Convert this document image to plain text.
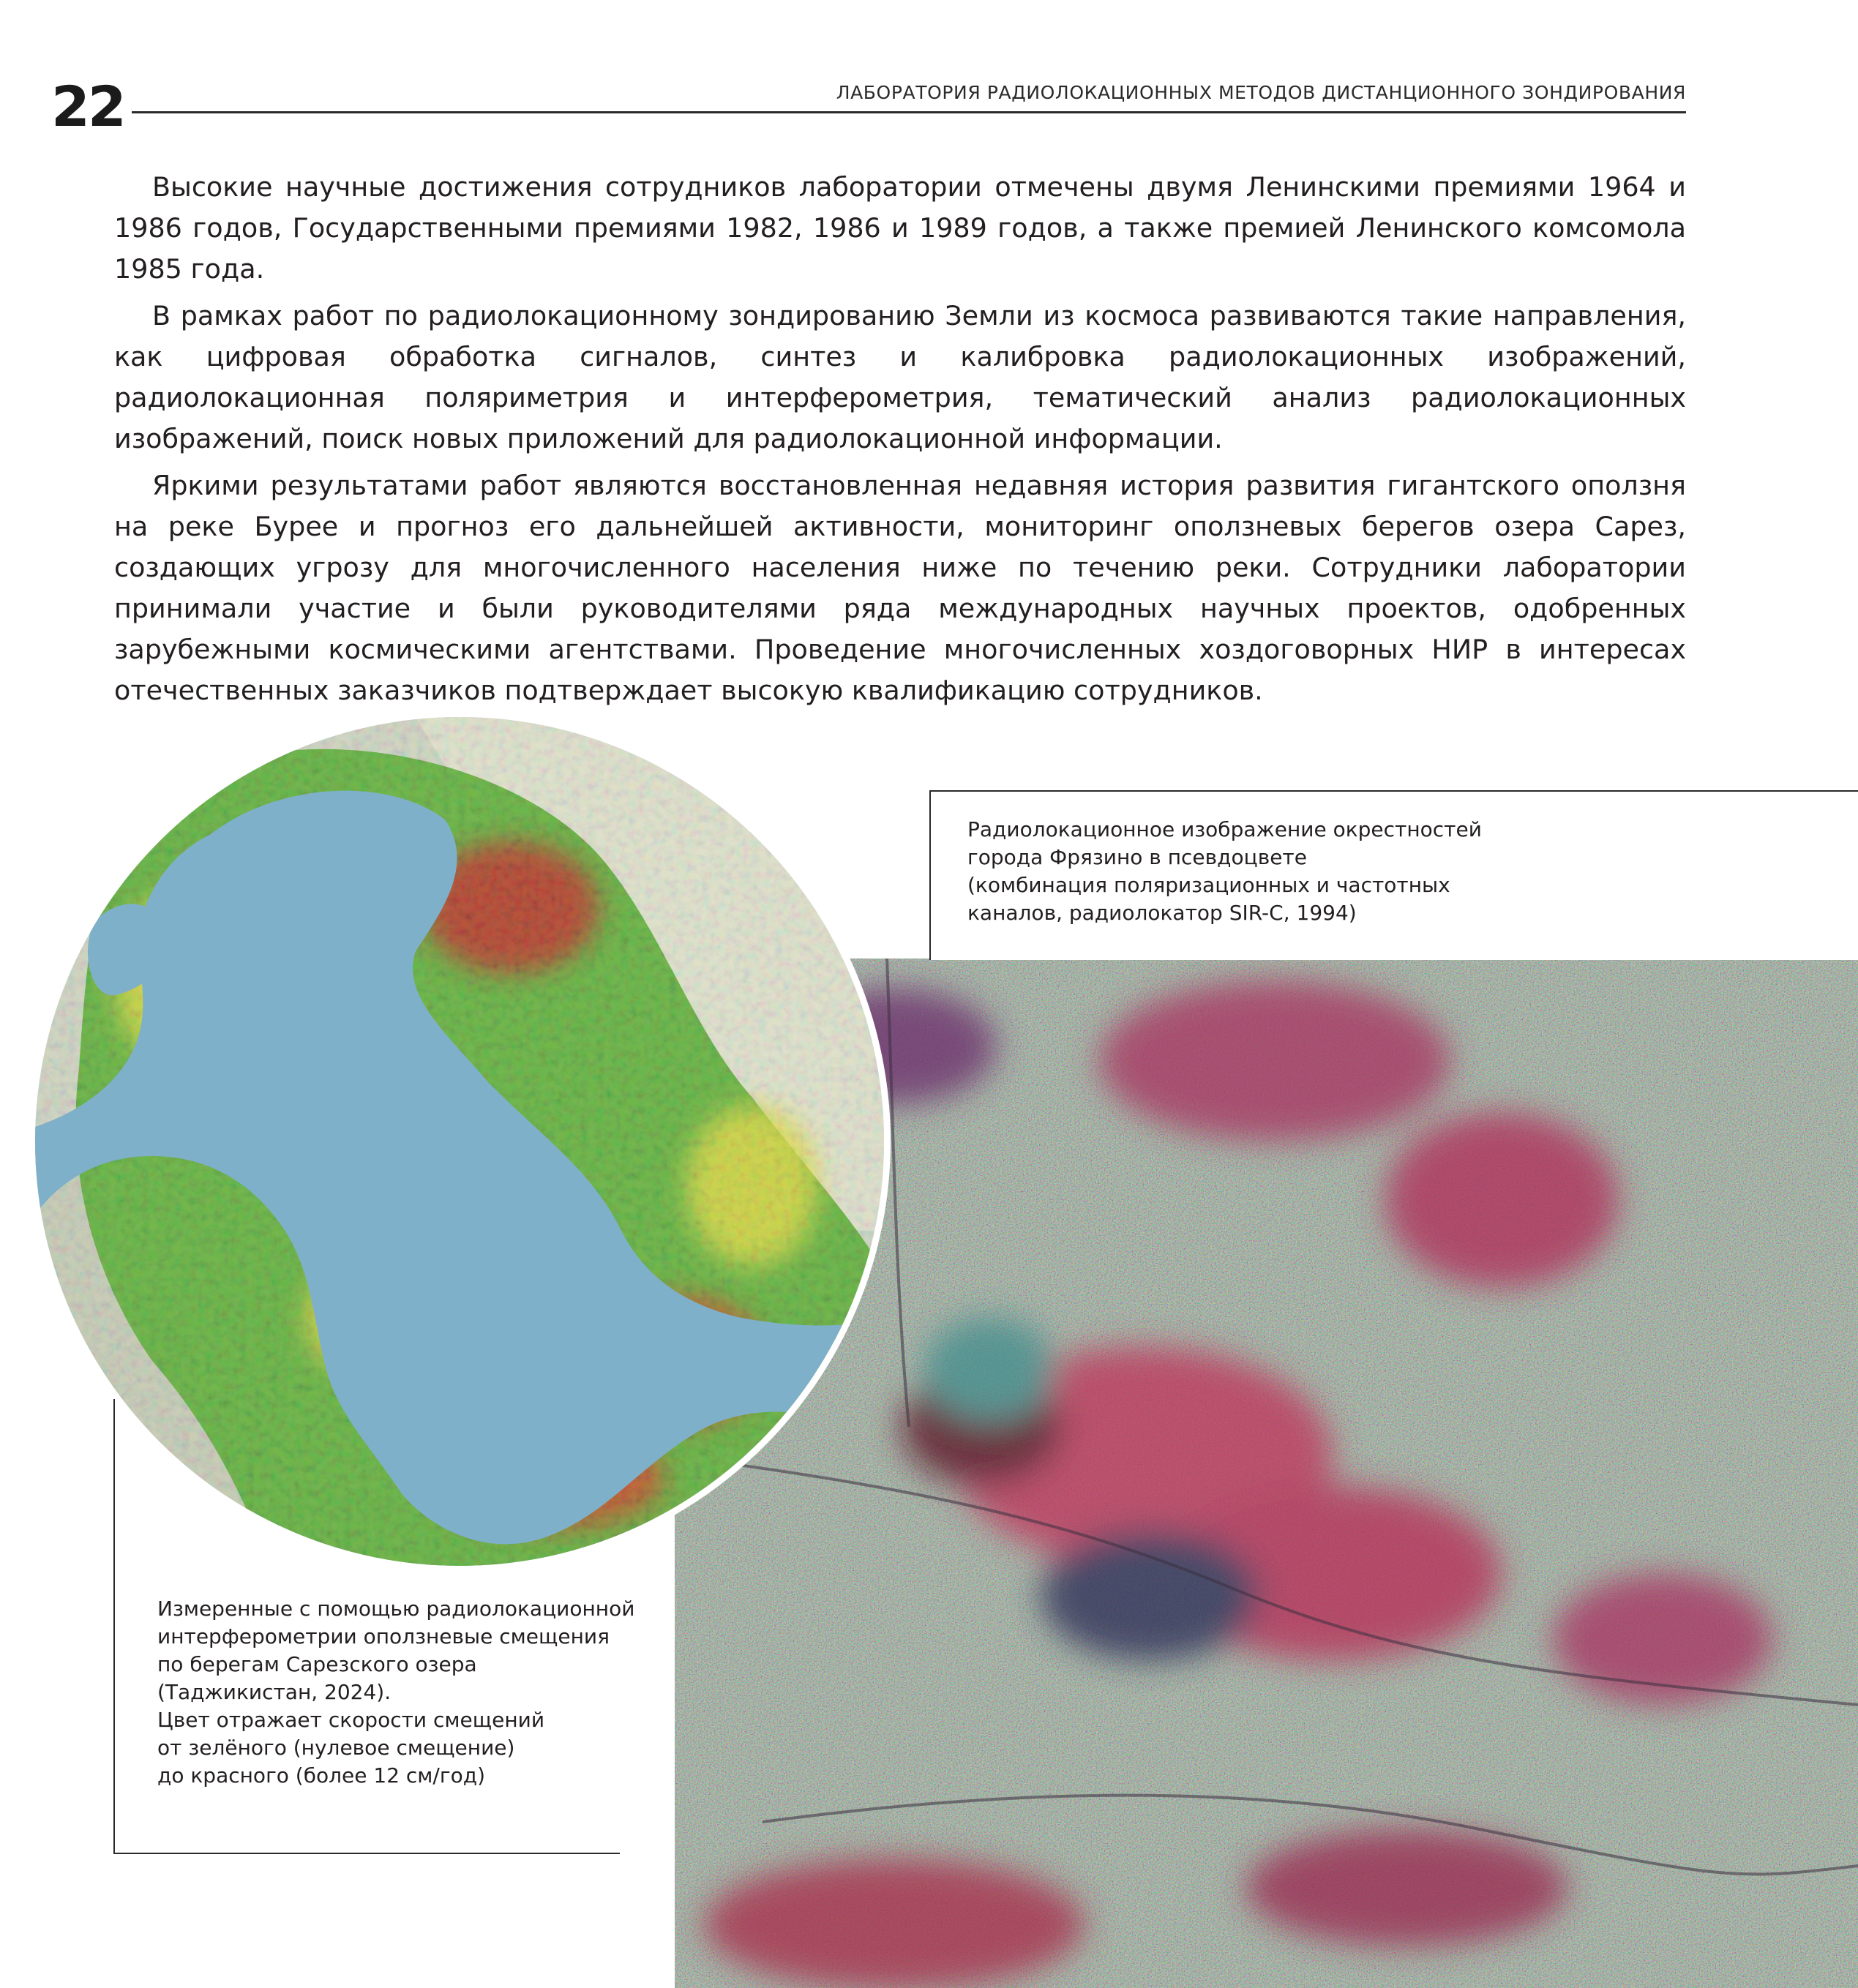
22	ЛАБОРАТОРИЯ РАДИОЛОКАЦИОННЫХ МЕТОДОВ ДИСТАНЦИОННОГО ЗОНДИРОВАНИЯ

Высокие научные достижения сотрудников лаборатории отмечены двумя Ленинскими премиями 1964 и 1986 годов, Государственными премиями 1982, 1986 и 1989 годов, а также премией Ленинского комсомола 1985 года.

В рамках работ по радиолокационному зондированию Земли из космоса развиваются такие направления, как цифровая обработка сигналов, синтез и калибровка радиолокационных изображений, радиолокационная поляриметрия и интерферометрия, тематический анализ радиолокационных изображений, поиск новых приложений для радиолокационной информации.

Яркими результатами работ являются восстановленная недавняя история развития гигантского оползня на реке Бурее и прогноз его дальнейшей активности, мониторинг оползневых берегов озера Сарез, создающих угрозу для многочисленного населения ниже по течению реки. Сотрудники лаборатории принимали участие и были руководителями ряда международных научных проектов, одобренных зарубежными космическими агентствами. Проведение многочисленных хоздоговорных НИР в интересах отечественных заказчиков подтверждает высокую квалификацию сотрудников.

Радиолокационное изображение окрестностей
города Фрязино в псевдоцвете
(комбинация поляризационных и частотных
каналов, радиолокатор SIR-C, 1994)
Измеренные с помощью радиолокационной
интерферометрии оползневые смещения
по берегам Сарезского озера
(Таджикистан, 2024).
Цвет отражает скорости смещений
от зелёного (нулевое смещение)
до красного (более 12 см/год)
